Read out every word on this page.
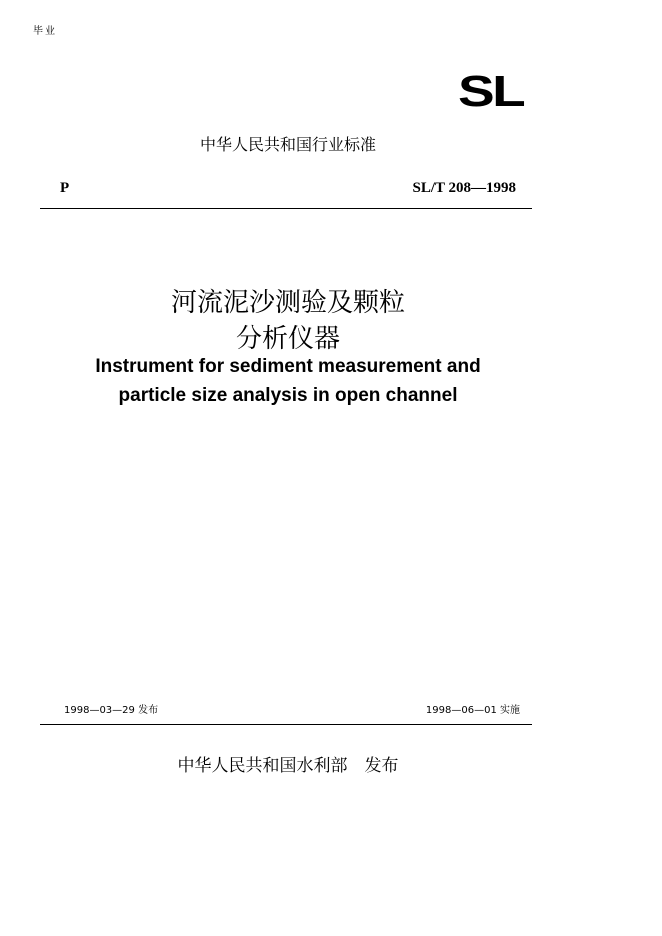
毕业
SL
中华人民共和国行业标准
P	SL/T 208—1998
河流泥沙测验及颗粒
分析仪器
Instrument for sediment measurement and
particle size analysis in open channel
1998—03—29 发布	1998—06—01 实施
中华人民共和国水利部　发布
